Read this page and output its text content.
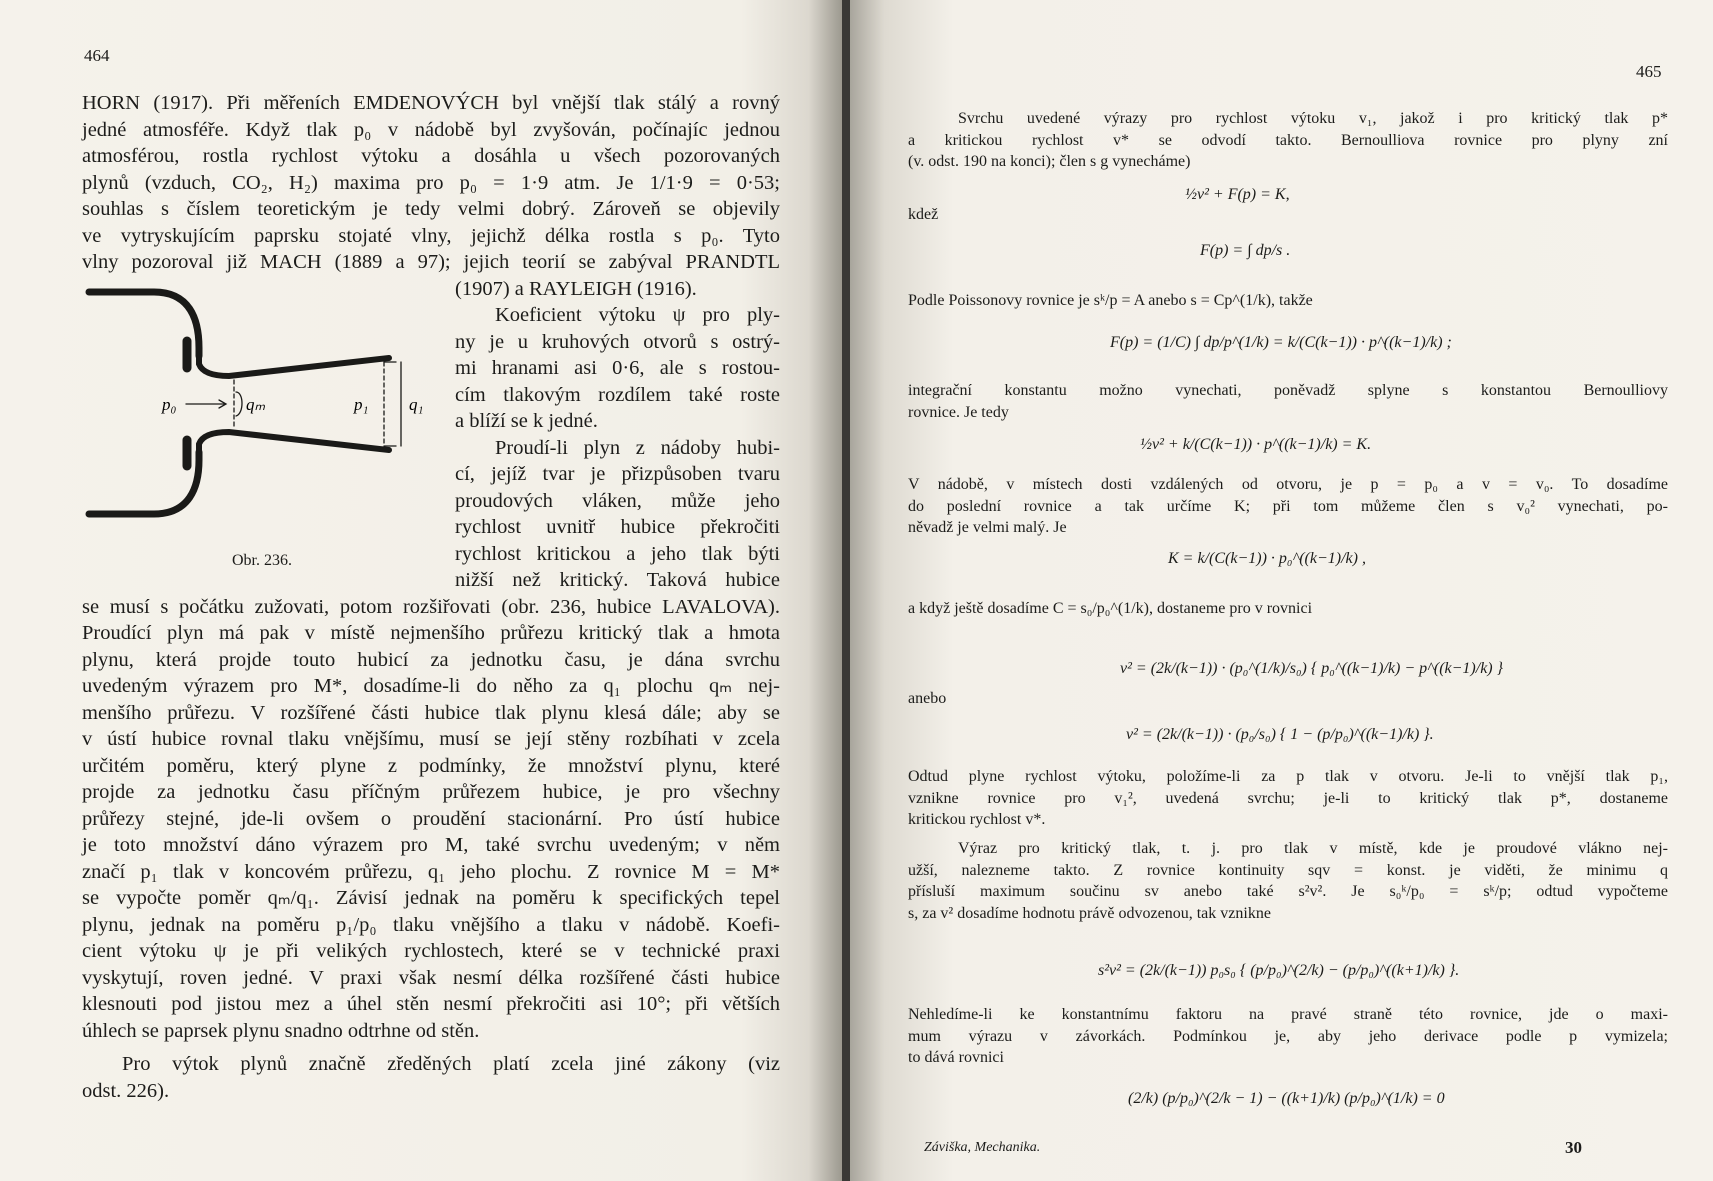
464
HORN (1917). Při měřeních EMDENOVÝCH byl vnější tlak stálý a rovný
jedné atmosféře. Když tlak p₀ v nádobě byl zvyšován, počínajíc jednou
atmosférou, rostla rychlost výtoku a dosáhla u všech pozorovaných
plynů (vzduch, CO₂, H₂) maxima pro p₀ = 1·9 atm. Je 1/1·9 = 0·53;
souhlas s číslem teoretickým je tedy velmi dobrý. Zároveň se objevily
ve vytryskujícím paprsku stojaté vlny, jejichž délka rostla s p₀. Tyto
vlny pozoroval již MACH (1889 a 97); jejich teorií se zabýval PRANDTL
(1907) a RAYLEIGH (1916).
Koeficient výtoku ψ pro ply-
ny je u kruhových otvorů s ostrý-
mi hranami asi 0·6, ale s rostou-
cím tlakovým rozdílem také roste
a blíží se k jedné.
Proudí-li plyn z nádoby hubi-
cí, jejíž tvar je přizpůsoben tvaru
proudových vláken, může jeho
rychlost uvnitř hubice překročiti
rychlost kritickou a jeho tlak býti
nižší než kritický. Taková hubice
p₀	qₘ	p₁ q₁
Obr. 236.
se musí s počátku zužovati, potom rozšiřovati (obr. 236, hubice LAVALOVA).
Proudící plyn má pak v místě nejmenšího průřezu kritický tlak a hmota
plynu, která projde touto hubicí za jednotku času, je dána svrchu
uvedeným výrazem pro M*, dosadíme-li do něho za q₁ plochu qₘ nej-
menšího průřezu. V rozšířené části hubice tlak plynu klesá dále; aby se
v ústí hubice rovnal tlaku vnějšímu, musí se její stěny rozbíhati v zcela
určitém poměru, který plyne z podmínky, že množství plynu, které
projde za jednotku času příčným průřezem hubice, je pro všechny
průřezy stejné, jde-li ovšem o proudění stacionární. Pro ústí hubice
je toto množství dáno výrazem pro M, také svrchu uvedeným; v něm
značí p₁ tlak v koncovém průřezu, q₁ jeho plochu. Z rovnice M = M*
se vypočte poměr qₘ/q₁. Závisí jednak na poměru k specifických tepel
plynu, jednak na poměru p₁/p₀ tlaku vnějšího a tlaku v nádobě. Koefi-
cient výtoku ψ je při velikých rychlostech, které se v technické praxi
vyskytují, roven jedné. V praxi však nesmí délka rozšířené části hubice
klesnouti pod jistou mez a úhel stěn nesmí překročiti asi 10°; při větších
úhlech se paprsek plynu snadno odtrhne od stěn.
Pro výtok plynů značně zředěných platí zcela jiné zákony (viz
odst. 226).
465
Svrchu uvedené výrazy pro rychlost výtoku v₁, jakož i pro kritický tlak p*
a kritickou rychlost v* se odvodí takto. Bernoulliova rovnice pro plyny zní
(v. odst. 190 na konci); člen s g vynecháme)
½v² + F(p) = K,
kdež
F(p) = ∫ dp/s .
Podle Poissonovy rovnice je sᵏ/p = A anebo s = Cp^(1/k), takže
F(p) = (1/C) ∫ dp/p^(1/k) = k/(C(k−1)) · p^((k−1)/k) ;
integrační konstantu možno vynechati, poněvadž splyne s konstantou Bernoulliovy
rovnice. Je tedy
½v² + k/(C(k−1)) · p^((k−1)/k) = K.
V nádobě, v místech dosti vzdálených od otvoru, je p = p₀ a v = v₀. To dosadíme
do poslední rovnice a tak určíme K; při tom můžeme člen s v₀² vynechati, po-
něvadž je velmi malý. Je
K = k/(C(k−1)) · p₀^((k−1)/k) ,
a když ještě dosadíme C = s₀/p₀^(1/k), dostaneme pro v rovnici
v² = (2k/(k−1)) · (p₀^(1/k)/s₀) { p₀^((k−1)/k) − p^((k−1)/k) }
anebo
v² = (2k/(k−1)) · (p₀/s₀) { 1 − (p/p₀)^((k−1)/k) }.
Odtud plyne rychlost výtoku, položíme-li za p tlak v otvoru. Je-li to vnější tlak p₁,
vznikne rovnice pro v₁², uvedená svrchu; je-li to kritický tlak p*, dostaneme
kritickou rychlost v*.
Výraz pro kritický tlak, t. j. pro tlak v místě, kde je proudové vlákno nej-
užší, nalezneme takto. Z rovnice kontinuity sqv = konst. je viděti, že minimu q
přísluší maximum součinu sv anebo také s²v². Je s₀ᵏ/p₀ = sᵏ/p; odtud vypočteme
s, za v² dosadíme hodnotu právě odvozenou, tak vznikne
s²v² = (2k/(k−1)) p₀s₀ { (p/p₀)^(2/k) − (p/p₀)^((k+1)/k) }.
Nehledíme-li ke konstantnímu faktoru na pravé straně této rovnice, jde o maxi-
mum výrazu v závorkách. Podmínkou je, aby jeho derivace podle p vymizela;
to dává rovnici
(2/k) (p/p₀)^(2/k − 1) − ((k+1)/k) (p/p₀)^(1/k) = 0
Záviška, Mechanika.	30
